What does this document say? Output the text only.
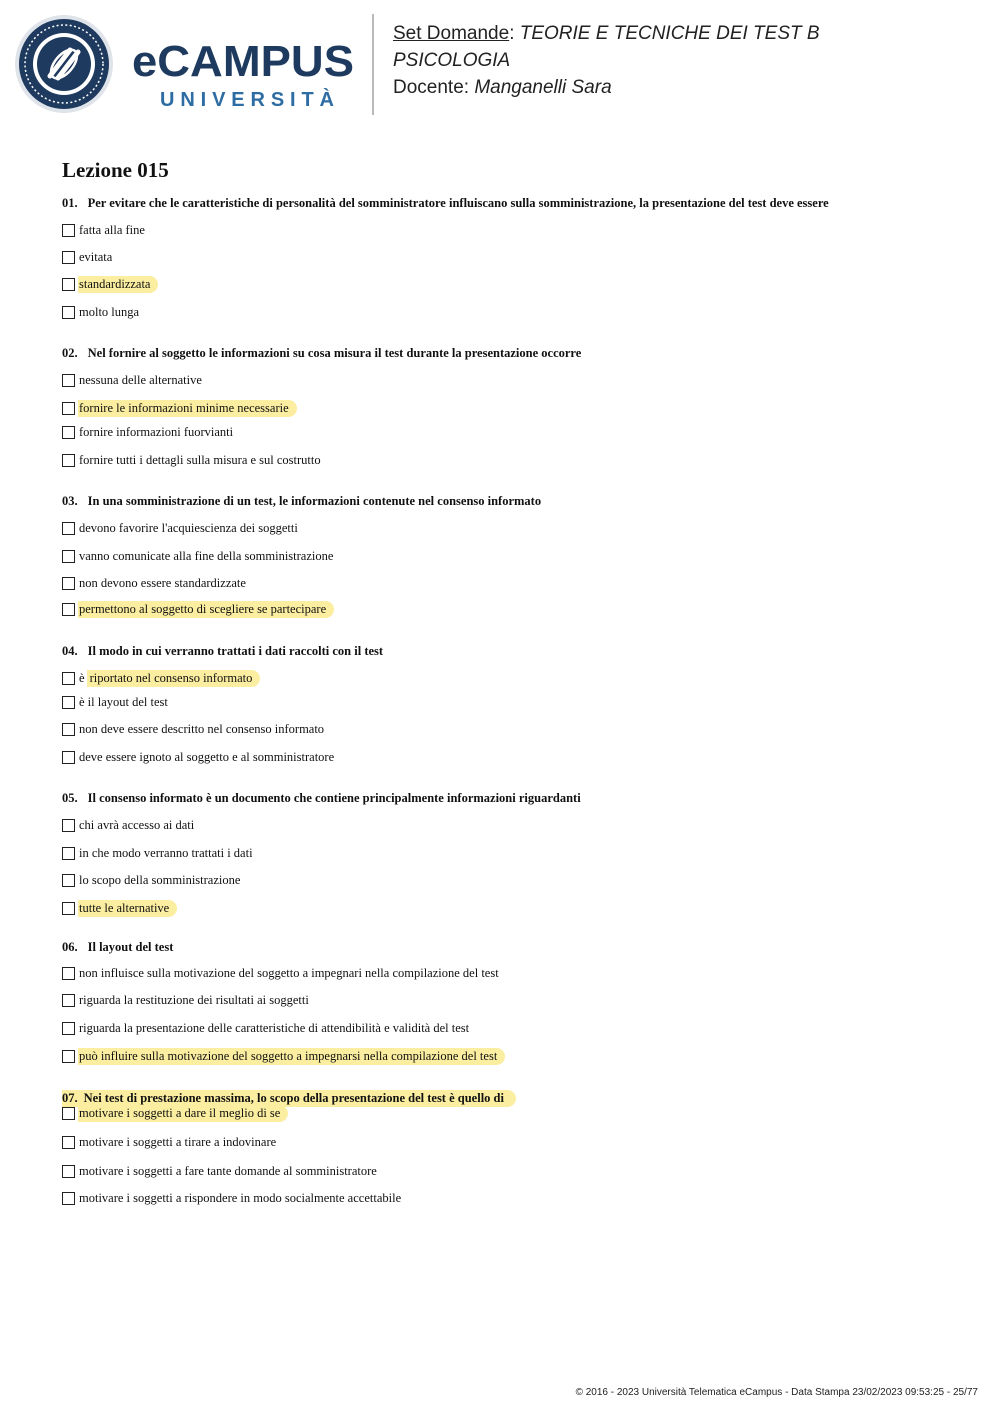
eCAMPUS
UNIVERSITÀ
Set Domande: TEORIE E TECNICHE DEI TEST B
PSICOLOGIA
Docente: Manganelli Sara
Lezione 015
01. Per evitare che le caratteristiche di personalità del somministratore influiscano sulla somministrazione, la presentazione del test deve essere
fatta alla fine
evitata
standardizzata
molto lunga
02. Nel fornire al soggetto le informazioni su cosa misura il test durante la presentazione occorre
nessuna delle alternative
fornire le informazioni minime necessarie
fornire informazioni fuorvianti
fornire tutti i dettagli sulla misura e sul costrutto
03. In una somministrazione di un test, le informazioni contenute nel consenso informato
devono favorire l'acquiescienza dei soggetti
vanno comunicate alla fine della somministrazione
non devono essere standardizzate
permettono al soggetto di scegliere se partecipare
04. Il modo in cui verranno trattati i dati raccolti con il test
è riportato nel consenso informato
è il layout del test
non deve essere descritto nel consenso informato
deve essere ignoto al soggetto e al somministratore
05. Il consenso informato è un documento che contiene principalmente informazioni riguardanti
chi avrà accesso ai dati
in che modo verranno trattati i dati
lo scopo della somministrazione
tutte le alternative
06. Il layout del test
non influisce sulla motivazione del soggetto a impegnari nella compilazione del test
riguarda la restituzione dei risultati ai soggetti
riguarda la presentazione delle caratteristiche di attendibilità e validità del test
può influire sulla motivazione del soggetto a impegnarsi nella compilazione del test
07. Nei test di prestazione massima, lo scopo della presentazione del test è quello di
motivare i soggetti a dare il meglio di se
motivare i soggetti a tirare a indovinare
motivare i soggetti a fare tante domande al somministratore
motivare i soggetti a rispondere in modo socialmente accettabile
© 2016 - 2023 Università Telematica eCampus - Data Stampa 23/02/2023 09:53:25 - 25/77
